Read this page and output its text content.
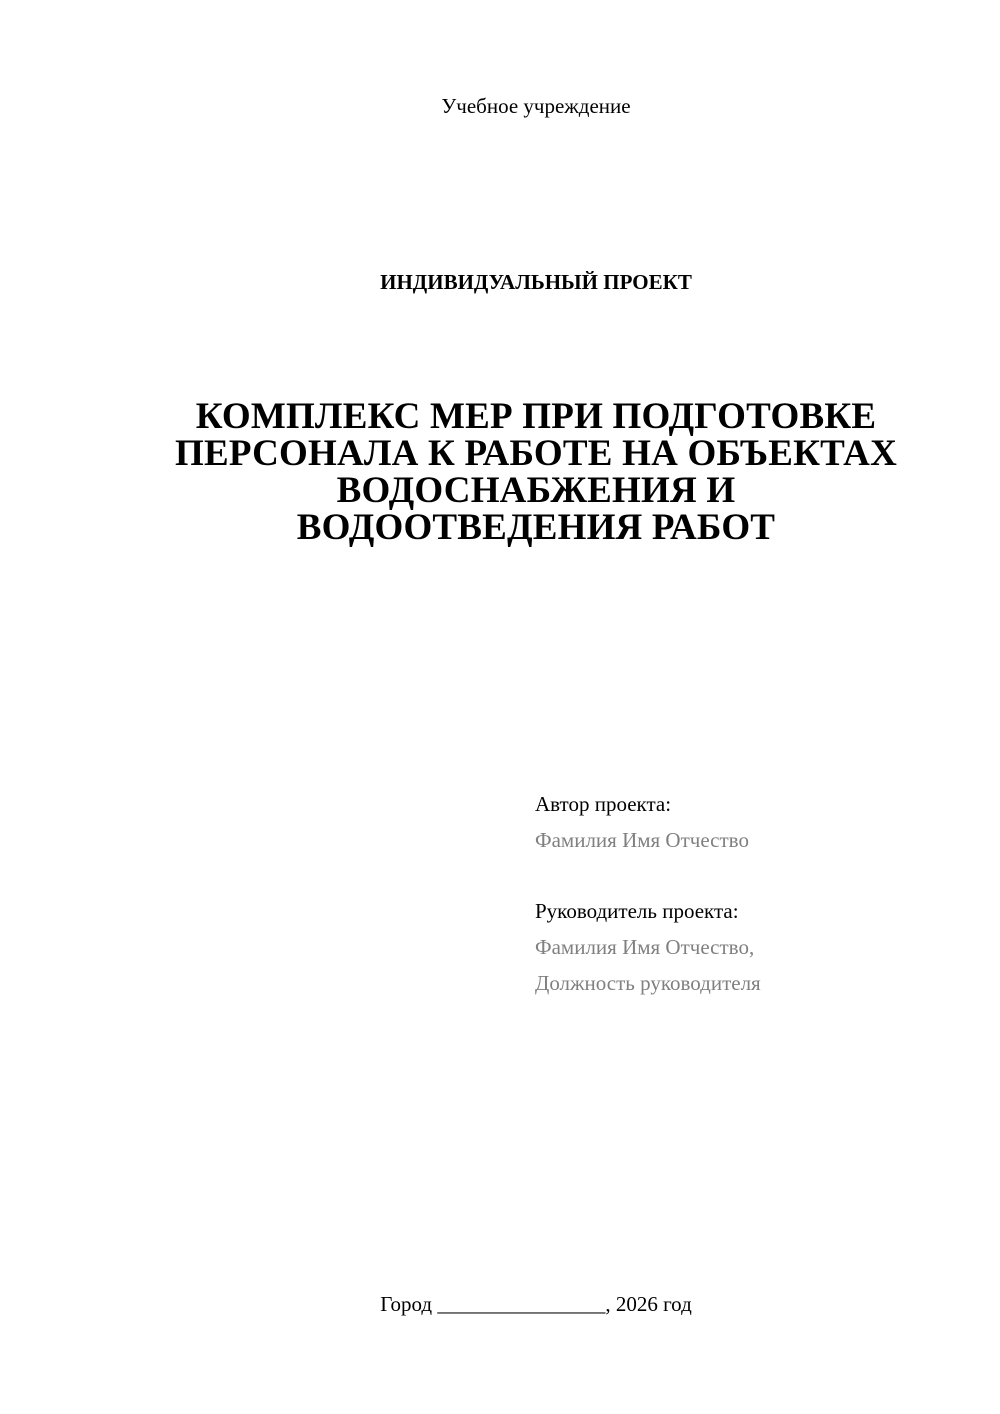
Учебное учреждение
ИНДИВИДУАЛЬНЫЙ ПРОЕКТ
КОМПЛЕКС МЕР ПРИ ПОДГОТОВКЕ
ПЕРСОНАЛА К РАБОТЕ НА ОБЪЕКТАХ
ВОДОСНАБЖЕНИЯ И
ВОДООТВЕДЕНИЯ РАБОТ
Автор проекта:
Фамилия Имя Отчество
Руководитель проекта:
Фамилия Имя Отчество,
Должность руководителя
Город ________________, 2026 год
